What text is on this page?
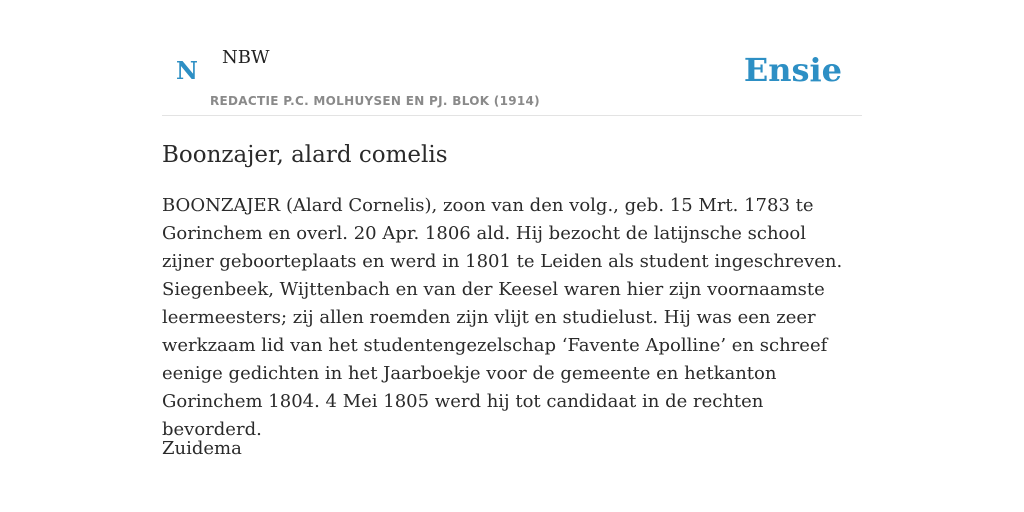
N NBW
REDACTIE P.C. MOLHUYSEN EN PJ. BLOK (1914)
Ensie
Boonzajer, alard comelis

BOONZAJER (Alard Cornelis), zoon van den volg., geb. 15 Mrt. 1783 te Gorinchem en overl. 20 Apr. 1806 ald. Hij bezocht de latijnsche school zijner geboorteplaats en werd in 1801 te Leiden als student ingeschreven. Siegenbeek, Wijttenbach en van der Keesel waren hier zijn voornaamste leermeesters; zij allen roemden zijn vlijt en studielust. Hij was een zeer werkzaam lid van het studentengezelschap ‘Favente Apolline’ en schreef eenige gedichten in het Jaarboekje voor de gemeente en hetkanton Gorinchem 1804. 4 Mei 1805 werd hij tot candidaat in de rechten bevorderd.

Zuidema
